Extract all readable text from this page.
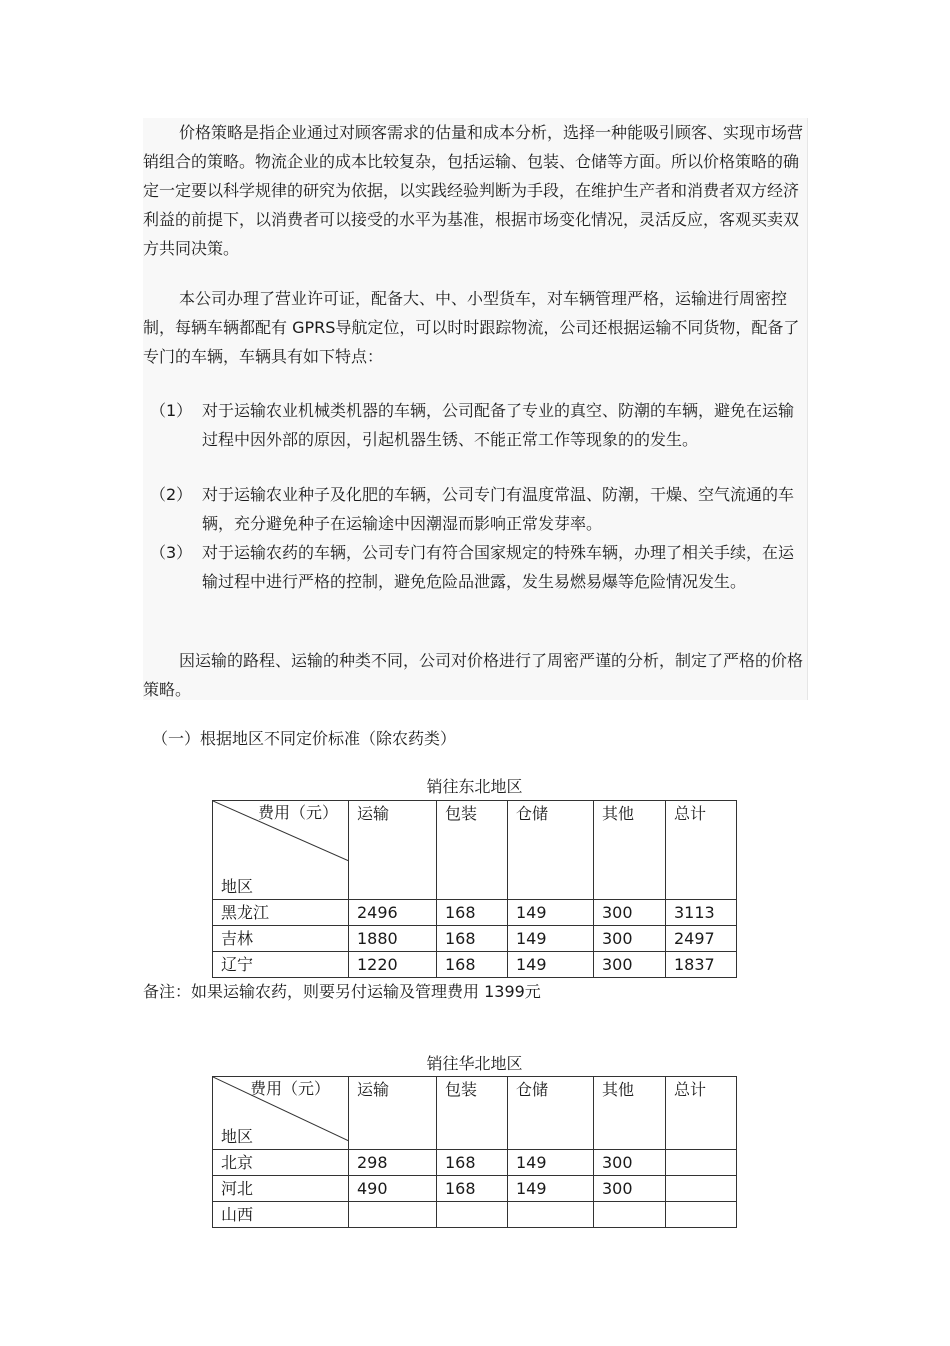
价格策略是指企业通过对顾客需求的估量和成本分析，选择一种能吸引顾客、实现市场营销组合的策略。物流企业的成本比较复杂，包括运输、包装、仓储等方面。所以价格策略的确定一定要以科学规律的研究为依据，以实践经验判断为手段，在维护生产者和消费者双方经济利益的前提下，以消费者可以接受的水平为基准，根据市场变化情况，灵活反应，客观买卖双方共同决策。

本公司办理了营业许可证，配备大、中、小型货车，对车辆管理严格，运输进行周密控制，每辆车辆都配有 GPRS导航定位，可以时时跟踪物流，公司还根据运输不同货物，配备了专门的车辆，车辆具有如下特点：

（1） 对于运输农业机械类机器的车辆，公司配备了专业的真空、防潮的车辆，避免在运输过程中因外部的原因，引起机器生锈、不能正常工作等现象的的发生。
（2） 对于运输农业种子及化肥的车辆，公司专门有温度常温、防潮，干燥、空气流通的车辆，充分避免种子在运输途中因潮湿而影响正常发芽率。
（3） 对于运输农药的车辆，公司专门有符合国家规定的特殊车辆，办理了相关手续，在运输过程中进行严格的控制，避免危险品泄露，发生易燃易爆等危险情况发生。

因运输的路程、运输的种类不同，公司对价格进行了周密严谨的分析，制定了严格的价格策略。

（一）根据地区不同定价标准（除农药类）
销往东北地区
费用（元）
地区	运输	包装	仓储	其他	总计
黑龙江	2496	168	149	300	3113
吉林	1880	168	149	300	2497
辽宁	1220	168	149	300	1837
备注：如果运输农药，则要另付运输及管理费用 1399元
销往华北地区
费用（元）
地区	运输	包装	仓储	其他	总计
北京	298	168	149	300	
河北	490	168	149	300	
山西					
